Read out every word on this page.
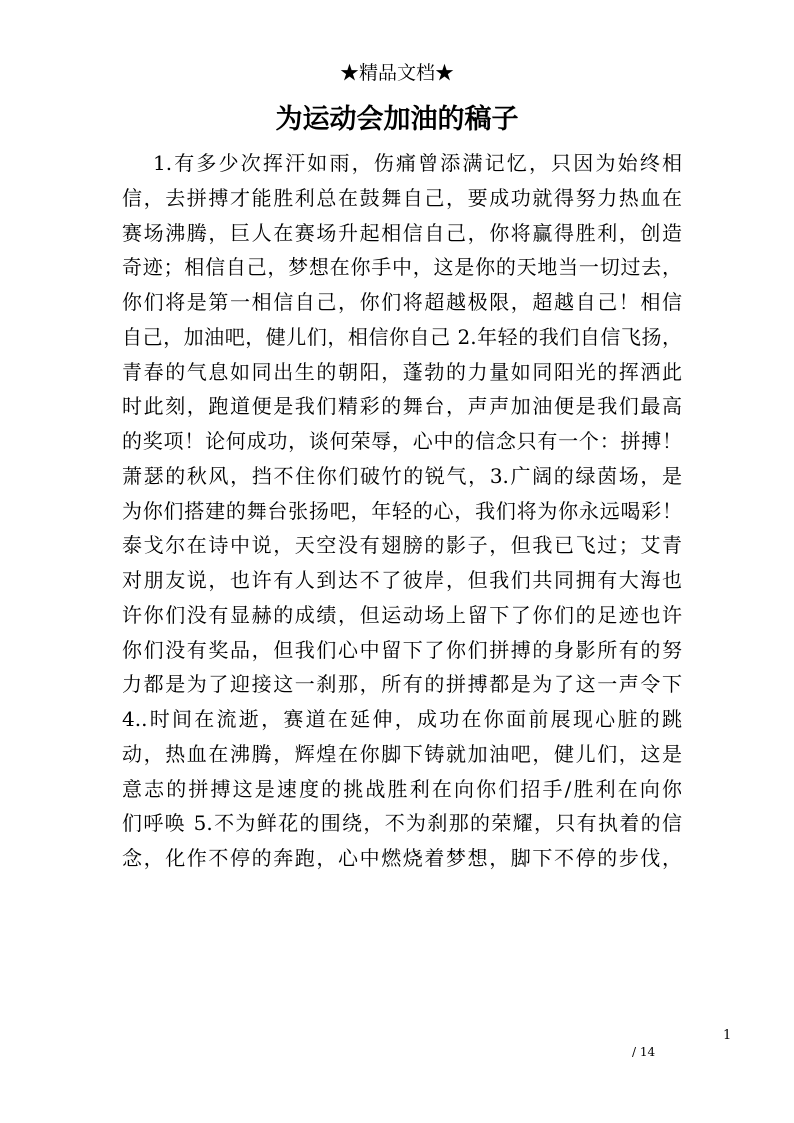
★精品文档★
为运动会加油的稿子
1.有多少次挥汗如雨，伤痛曾添满记忆，只因为始终相
信，去拼搏才能胜利总在鼓舞自己，要成功就得努力热血在
赛场沸腾，巨人在赛场升起相信自己，你将赢得胜利，创造
奇迹；相信自己，梦想在你手中，这是你的天地当一切过去，
你们将是第一相信自己，你们将超越极限，超越自己！相信
自己，加油吧，健儿们，相信你自己 2.年轻的我们自信飞扬，
青春的气息如同出生的朝阳，蓬勃的力量如同阳光的挥洒此
时此刻，跑道便是我们精彩的舞台，声声加油便是我们最高
的奖项！论何成功，谈何荣辱，心中的信念只有一个：拼搏！
萧瑟的秋风，挡不住你们破竹的锐气，3.广阔的绿茵场，是
为你们搭建的舞台张扬吧，年轻的心，我们将为你永远喝彩！
泰戈尔在诗中说，天空没有翅膀的影子，但我已飞过；艾青
对朋友说，也许有人到达不了彼岸，但我们共同拥有大海也
许你们没有显赫的成绩，但运动场上留下了你们的足迹也许
你们没有奖品，但我们心中留下了你们拼搏的身影所有的努
力都是为了迎接这一刹那，所有的拼搏都是为了这一声令下
4..时间在流逝，赛道在延伸，成功在你面前展现心脏的跳
动，热血在沸腾，辉煌在你脚下铸就加油吧，健儿们，这是
意志的拼搏这是速度的挑战胜利在向你们招手/胜利在向你
们呼唤 5.不为鲜花的围绕，不为刹那的荣耀，只有执着的信
念，化作不停的奔跑，心中燃烧着梦想，脚下不停的步伐，
1
/ 14
